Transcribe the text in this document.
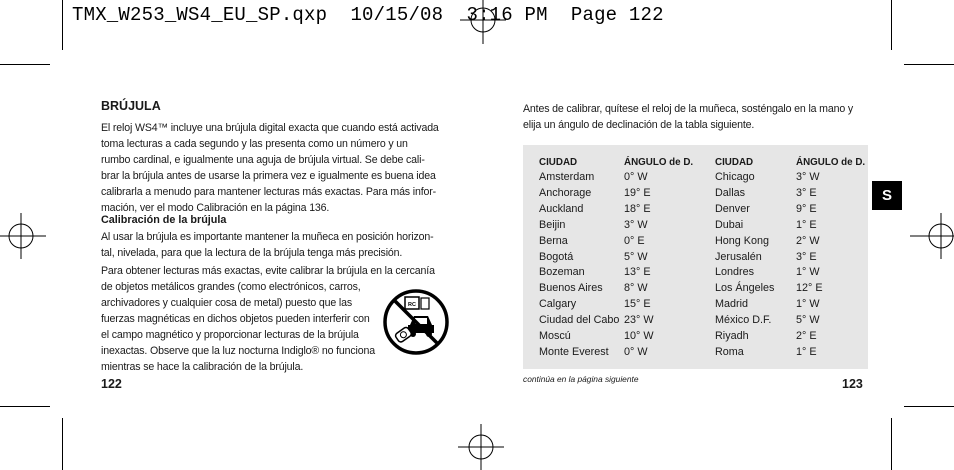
TMX_W253_WS4_EU_SP.qxp  10/15/08  3:16 PM  Page 122
BRÚJULA
El reloj WS4™ incluye una brújula digital exacta que cuando está activada
toma lecturas a cada segundo y las presenta como un número y un
rumbo cardinal, e igualmente una aguja de brújula virtual. Se debe cali-
brar la brújula antes de usarse la primera vez e igualmente es buena idea
calibrarla a menudo para mantener lecturas más exactas. Para más infor-
mación, ver el modo Calibración en la página 136.
Calibración de la brújula
Al usar la brújula es importante mantener la muñeca en posición horizon-
tal, nivelada, para que la lectura de la brújula tenga más precisión.
Para obtener lecturas más exactas, evite calibrar la brújula en la cercanía
de objetos metálicos grandes (como electrónicos, carros,
archivadores y cualquier cosa de metal) puesto que las
fuerzas magnéticas en dichos objetos pueden interferir con
el campo magnético y proporcionar lecturas de la brújula
inexactas. Observe que la luz nocturna Indiglo® no funciona
mientras se hace la calibración de la brújula.
RC
122
Antes de calibrar, quítese el reloj de la muñeca, sosténgalo en la mano y
elija un ángulo de declinación de la tabla siguiente.
CIUDAD	ÁNGULO de D. CIUDAD	ÁNGULO de D.
Amsterdam	0° W	Chicago	3° W
Anchorage	19° E	Dallas	3° E
Auckland	18° E	Denver	9° E
Beijin	3° W	Dubai	1° E
Berna	0° E	Hong Kong 2° W
Bogotá	5° W	Jerusalén	3° E
Bozeman	13° E	Londres	1° W
Buenos Aires 8° W	Los Ángeles 12° E
Calgary	15° E	Madrid	1° W
Ciudad del Cabo 23° W	México D.F. 5° W
Moscú	10° W	Riyadh	2° E
Monte Everest 0° W	Roma	1° E
S
continúa en la página siguiente	123
